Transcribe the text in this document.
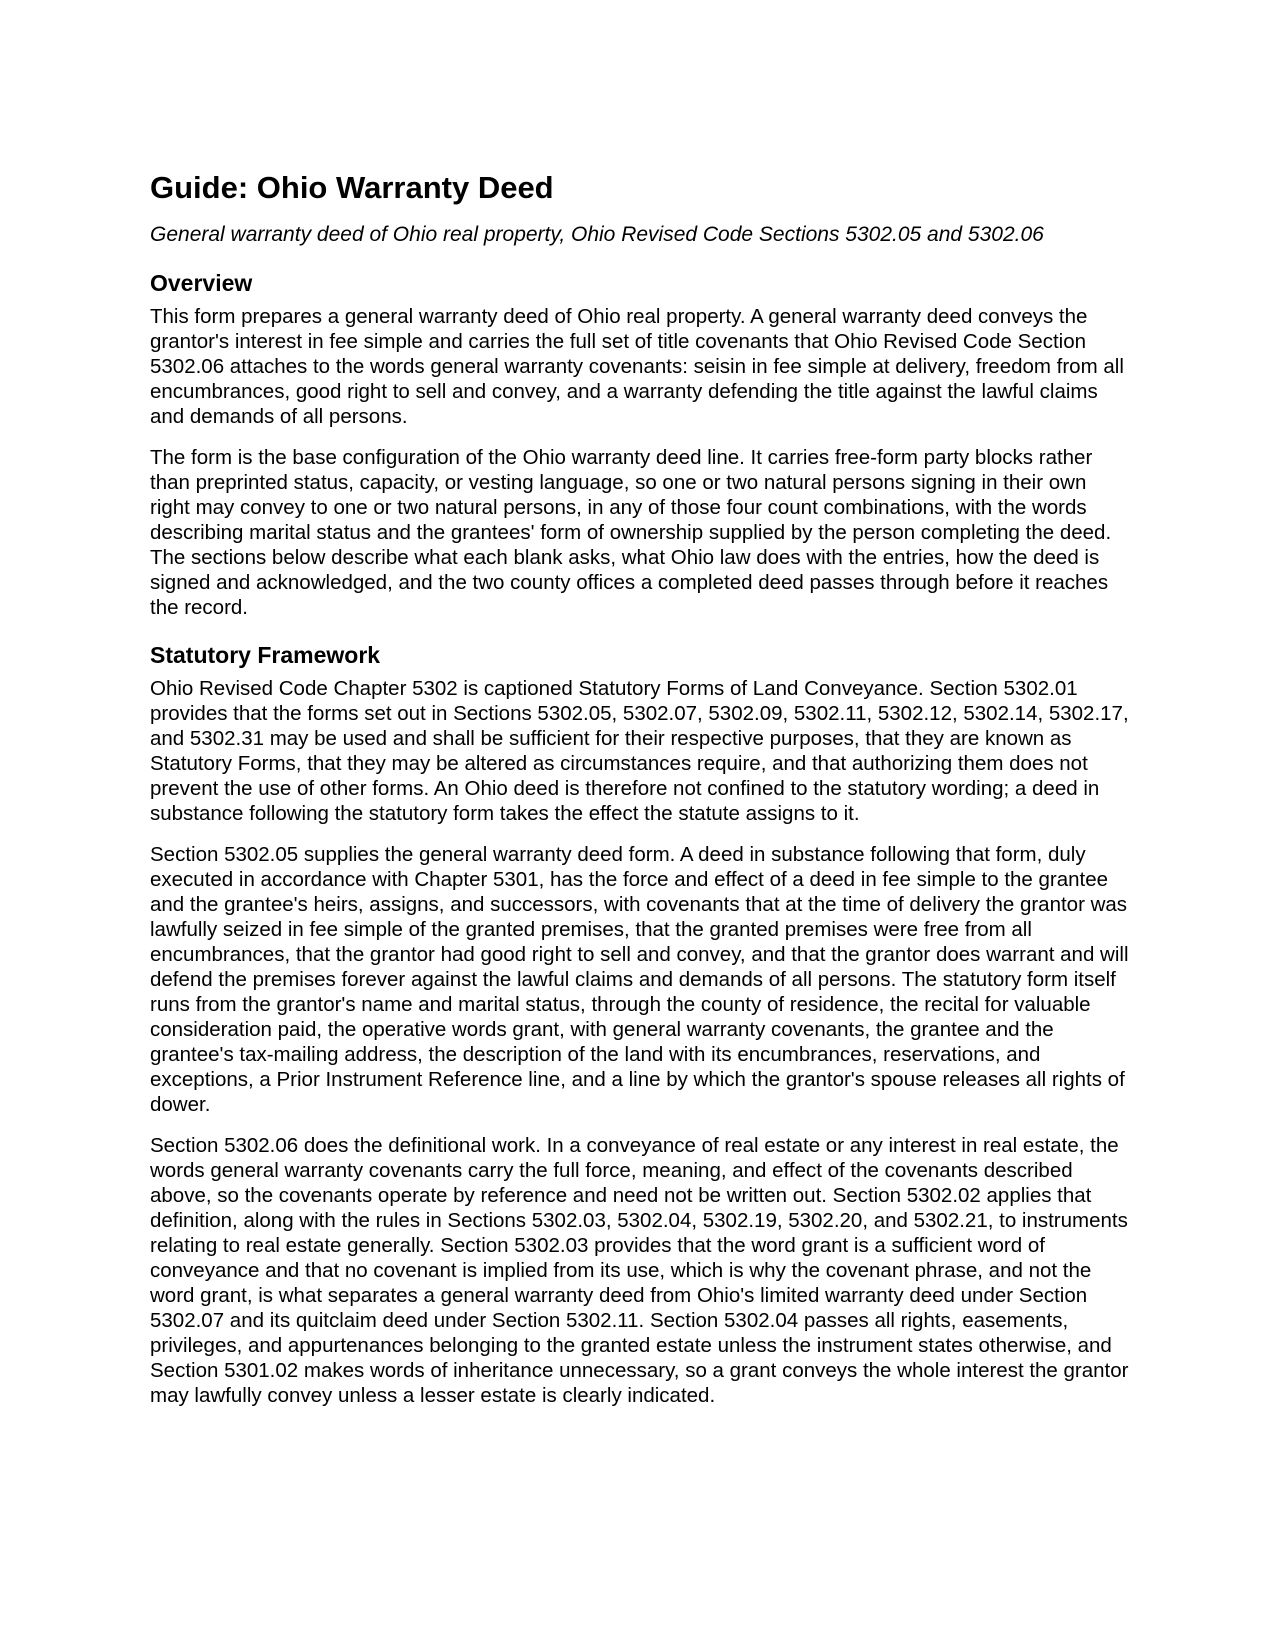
Guide: Ohio Warranty Deed

General warranty deed of Ohio real property, Ohio Revised Code Sections 5302.05 and 5302.06

Overview

This form prepares a general warranty deed of Ohio real property. A general warranty deed conveys the grantor's interest in fee simple and carries the full set of title covenants that Ohio Revised Code Section 5302.06 attaches to the words general warranty covenants: seisin in fee simple at delivery, freedom from all encumbrances, good right to sell and convey, and a warranty defending the title against the lawful claims and demands of all persons.

The form is the base configuration of the Ohio warranty deed line. It carries free-form party blocks rather than preprinted status, capacity, or vesting language, so one or two natural persons signing in their own right may convey to one or two natural persons, in any of those four count combinations, with the words describing marital status and the grantees' form of ownership supplied by the person completing the deed. The sections below describe what each blank asks, what Ohio law does with the entries, how the deed is signed and acknowledged, and the two county offices a completed deed passes through before it reaches the record.

Statutory Framework

Ohio Revised Code Chapter 5302 is captioned Statutory Forms of Land Conveyance. Section 5302.01 provides that the forms set out in Sections 5302.05, 5302.07, 5302.09, 5302.11, 5302.12, 5302.14, 5302.17, and 5302.31 may be used and shall be sufficient for their respective purposes, that they are known as Statutory Forms, that they may be altered as circumstances require, and that authorizing them does not prevent the use of other forms. An Ohio deed is therefore not confined to the statutory wording; a deed in substance following the statutory form takes the effect the statute assigns to it.

Section 5302.05 supplies the general warranty deed form. A deed in substance following that form, duly executed in accordance with Chapter 5301, has the force and effect of a deed in fee simple to the grantee and the grantee's heirs, assigns, and successors, with covenants that at the time of delivery the grantor was lawfully seized in fee simple of the granted premises, that the granted premises were free from all encumbrances, that the grantor had good right to sell and convey, and that the grantor does warrant and will defend the premises forever against the lawful claims and demands of all persons. The statutory form itself runs from the grantor's name and marital status, through the county of residence, the recital for valuable consideration paid, the operative words grant, with general warranty covenants, the grantee and the grantee's tax-mailing address, the description of the land with its encumbrances, reservations, and exceptions, a Prior Instrument Reference line, and a line by which the grantor's spouse releases all rights of dower.

Section 5302.06 does the definitional work. In a conveyance of real estate or any interest in real estate, the words general warranty covenants carry the full force, meaning, and effect of the covenants described above, so the covenants operate by reference and need not be written out. Section 5302.02 applies that definition, along with the rules in Sections 5302.03, 5302.04, 5302.19, 5302.20, and 5302.21, to instruments relating to real estate generally. Section 5302.03 provides that the word grant is a sufficient word of conveyance and that no covenant is implied from its use, which is why the covenant phrase, and not the word grant, is what separates a general warranty deed from Ohio's limited warranty deed under Section 5302.07 and its quitclaim deed under Section 5302.11. Section 5302.04 passes all rights, easements, privileges, and appurtenances belonging to the granted estate unless the instrument states otherwise, and Section 5301.02 makes words of inheritance unnecessary, so a grant conveys the whole interest the grantor may lawfully convey unless a lesser estate is clearly indicated.
